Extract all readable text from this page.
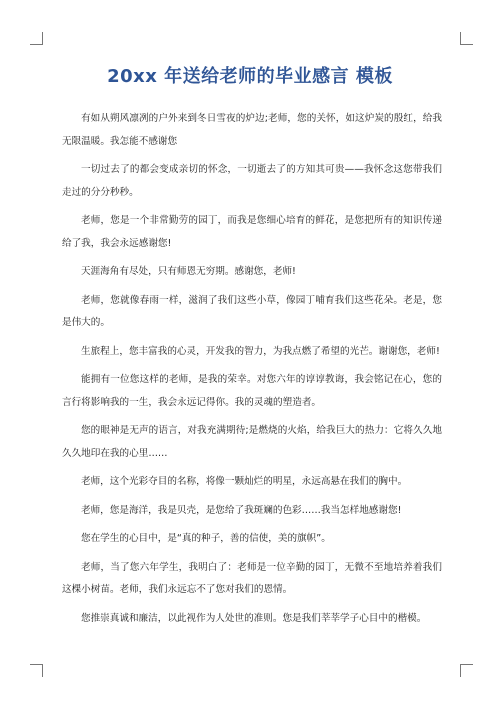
20xx 年送给老师的毕业感言 模板

有如从朔风凛冽的户外来到冬日雪夜的炉边;老师，您的关怀，如这炉炭的殷红，给我无限温暖。我怎能不感谢您

一切过去了的都会变成亲切的怀念，一切逝去了的方知其可贵——我怀念这您带我们走过的分分秒秒。

老师，您是一个非常勤劳的园丁，而我是您细心培育的鲜花，是您把所有的知识传递给了我，我会永远感谢您!

天涯海角有尽处，只有师恩无穷期。感谢您，老师!

老师，您就像春雨一样，滋润了我们这些小草，像园丁哺育我们这些花朵。老是，您是伟大的。

生旅程上，您丰富我的心灵，开发我的智力，为我点燃了希望的光芒。谢谢您，老师!

能拥有一位您这样的老师，是我的荣幸。对您六年的谆谆教诲，我会铭记在心，您的言行将影响我的一生，我会永远记得你。我的灵魂的塑造者。

您的眼神是无声的语言，对我充满期待;是燃烧的火焰，给我巨大的热力：它将久久地久久地印在我的心里……

老师，这个光彩夺目的名称，将像一颗灿烂的明星，永远高悬在我们的胸中。

老师，您是海洋，我是贝壳，是您给了我斑斓的色彩……我当怎样地感谢您!

您在学生的心目中，是“真的种子，善的信使，美的旗帜”。

老师，当了您六年学生，我明白了：老师是一位辛勤的园丁，无微不至地培养着我们这棵小树苗。老师，我们永远忘不了您对我们的恩情。

您推崇真诚和廉洁，以此视作为人处世的准则。您是我们莘莘学子心目中的楷模。
